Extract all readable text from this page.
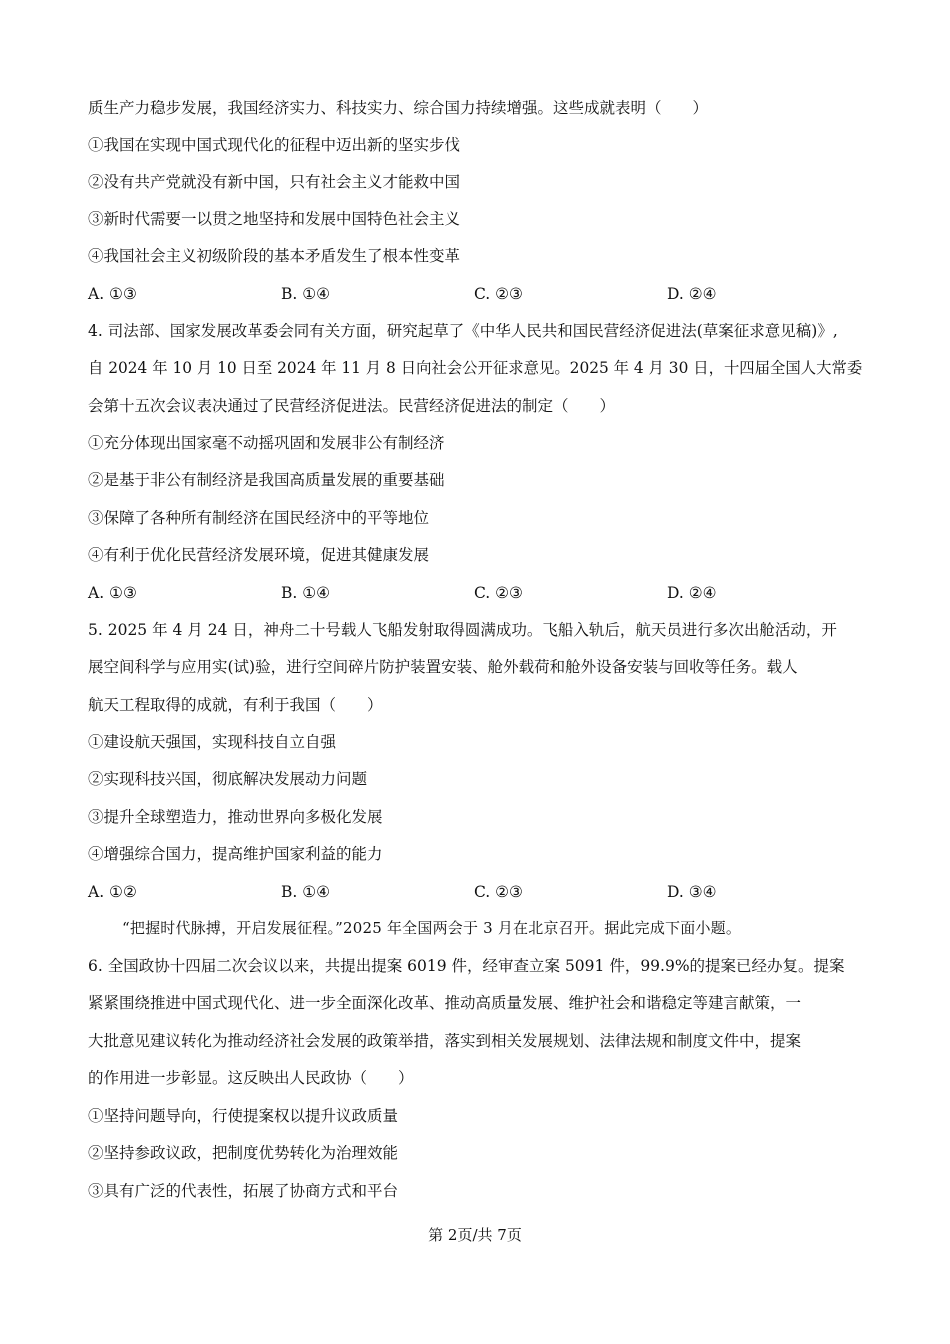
质生产力稳步发展，我国经济实力、科技实力、综合国力持续增强。这些成就表明（　　）
①我国在实现中国式现代化的征程中迈出新的坚实步伐
②没有共产党就没有新中国，只有社会主义才能救中国
③新时代需要一以贯之地坚持和发展中国特色社会主义
④我国社会主义初级阶段的基本矛盾发生了根本性变革
A. ①③	B. ①④	C. ②③	D. ②④
4. 司法部、国家发展改革委会同有关方面，研究起草了《中华人民共和国民营经济促进法(草案征求意见稿)》,
自 2024 年 10 月 10 日至 2024 年 11 月 8 日向社会公开征求意见。2025 年 4 月 30 日，十四届全国人大常委
会第十五次会议表决通过了民营经济促进法。民营经济促进法的制定（　　）
①充分体现出国家毫不动摇巩固和发展非公有制经济
②是基于非公有制经济是我国高质量发展的重要基础
③保障了各种所有制经济在国民经济中的平等地位
④有利于优化民营经济发展环境，促进其健康发展
A. ①③	B. ①④	C. ②③	D. ②④
5. 2025 年 4 月 24 日，神舟二十号载人飞船发射取得圆满成功。飞船入轨后，航天员进行多次出舱活动，开
展空间科学与应用实(试)验，进行空间碎片防护装置安装、舱外载荷和舱外设备安装与回收等任务。载人
航天工程取得的成就，有利于我国（　　）
①建设航天强国，实现科技自立自强
②实现科技兴国，彻底解决发展动力问题
③提升全球塑造力，推动世界向多极化发展
④增强综合国力，提高维护国家利益的能力
A. ①②	B. ①④	C. ②③	D. ③④
“把握时代脉搏，开启发展征程。”2025 年全国两会于 3 月在北京召开。据此完成下面小题。
6. 全国政协十四届二次会议以来，共提出提案 6019 件，经审查立案 5091 件，99.9%的提案已经办复。提案
紧紧围绕推进中国式现代化、进一步全面深化改革、推动高质量发展、维护社会和谐稳定等建言献策，一
大批意见建议转化为推动经济社会发展的政策举措，落实到相关发展规划、法律法规和制度文件中，提案
的作用进一步彰显。这反映出人民政协（　　）
①坚持问题导向，行使提案权以提升议政质量
②坚持参政议政，把制度优势转化为治理效能
③具有广泛的代表性，拓展了协商方式和平台
第 2页/共 7页
